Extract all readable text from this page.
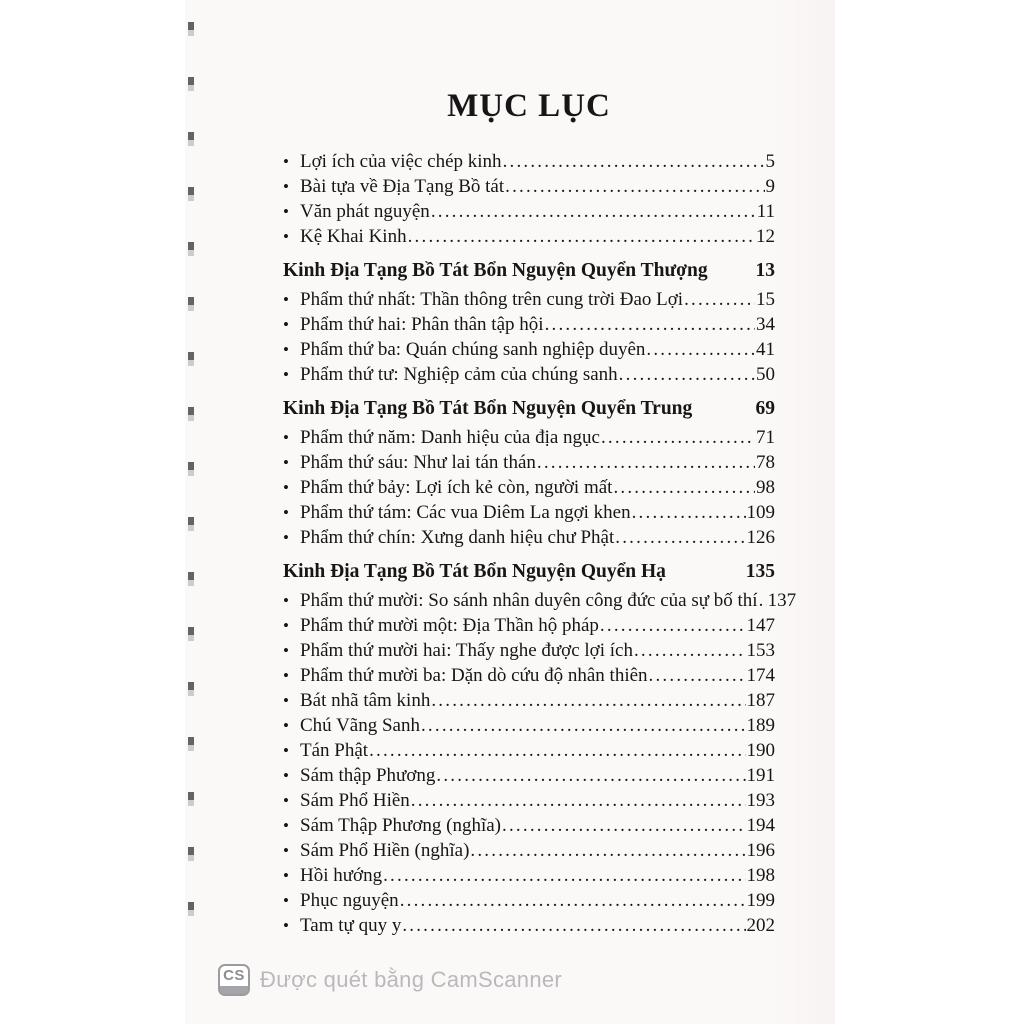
MỤC LỤC
• Lợi ích của việc chép kinh .....	5
• Bài tựa về Địa Tạng Bồ tát .....	9
• Văn phát nguyện .....	11
• Kệ Khai Kinh .....	12
Kinh Địa Tạng Bồ Tát Bổn Nguyện Quyển Thượng 13
• Phẩm thứ nhất: Thần thông trên cung trời Đao Lợi .....	15
• Phẩm thứ hai: Phân thân tập hội .....	34
• Phẩm thứ ba: Quán chúng sanh nghiệp duyên .....	41
• Phẩm thứ tư: Nghiệp cảm của chúng sanh .....	50
Kinh Địa Tạng Bồ Tát Bổn Nguyện Quyển Trung	69
• Phẩm thứ năm: Danh hiệu của địa ngục .....	71
• Phẩm thứ sáu: Như lai tán thán .....	78
• Phẩm thứ bảy: Lợi ích kẻ còn, người mất .....	98
• Phẩm thứ tám: Các vua Diêm La ngợi khen .....	109
• Phẩm thứ chín: Xưng danh hiệu chư Phật .....	126
Kinh Địa Tạng Bồ Tát Bổn Nguyện Quyển Hạ	135
• Phẩm thứ mười: So sánh nhân duyên công đức của sự bố thí ..... 137
• Phẩm thứ mười một: Địa Thần hộ pháp .....	147
• Phẩm thứ mười hai: Thấy nghe được lợi ích .....	153
• Phẩm thứ mười ba: Dặn dò cứu độ nhân thiên .....	174
• Bát nhã tâm kinh .....	187
• Chú Vãng Sanh .....	189
• Tán Phật .....	190
• Sám thập Phương .....	191
• Sám Phổ Hiền .....	193
• Sám Thập Phương (nghĩa) .....	194
• Sám Phổ Hiền (nghĩa) .....	196
• Hồi hướng .....	198
• Phục nguyện .....	199
• Tam tự quy y .....	202
CS Được quét bằng CamScanner
